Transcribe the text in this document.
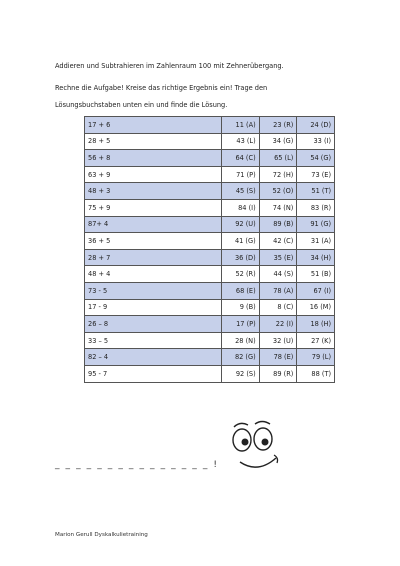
Addieren und Subtrahieren im Zahlenraum 100 mit Zehnerübergang.
Rechne die Aufgabe! Kreise das richtige Ergebnis ein! Trage den
Lösungsbuchstaben unten ein und finde die Lösung.
17 + 6	11 (A)	23 (R)	24 (D)
28 + 5	43 (L)	34 (G)	33 (I)
56 + 8	64 (C)	65 (L)	54 (G)
63 + 9	71 (P)	72 (H)	73 (E)
48 + 3	45 (S)	52 (O)	51 (T)
75 + 9	84 (I)	74 (N)	83 (R)
87+ 4	92 (U)	89 (B)	91 (G)
36 + 5	41 (G)	42 (C)	31 (A)
28 + 7	36 (D)	35 (E)	34 (H)
48 + 4	52 (R)	44 (S)	51 (B)
73 - 5	68 (E)	78 (A)	67 (I)
17 - 9	9 (B)	8 (C)	16 (M)
26 – 8	17 (P)	22 (I)	18 (H)
33 – 5	28 (N)	32 (U)	27 (K)
82 – 4	82 (G)	78 (E)	79 (L)
95 - 7	92 (S)	89 (R)	88 (T)
_ _ _ _ _ _ _ _ _ _ _ _ _ _ _ !
Marion Gerull Dyskalkulietraining
